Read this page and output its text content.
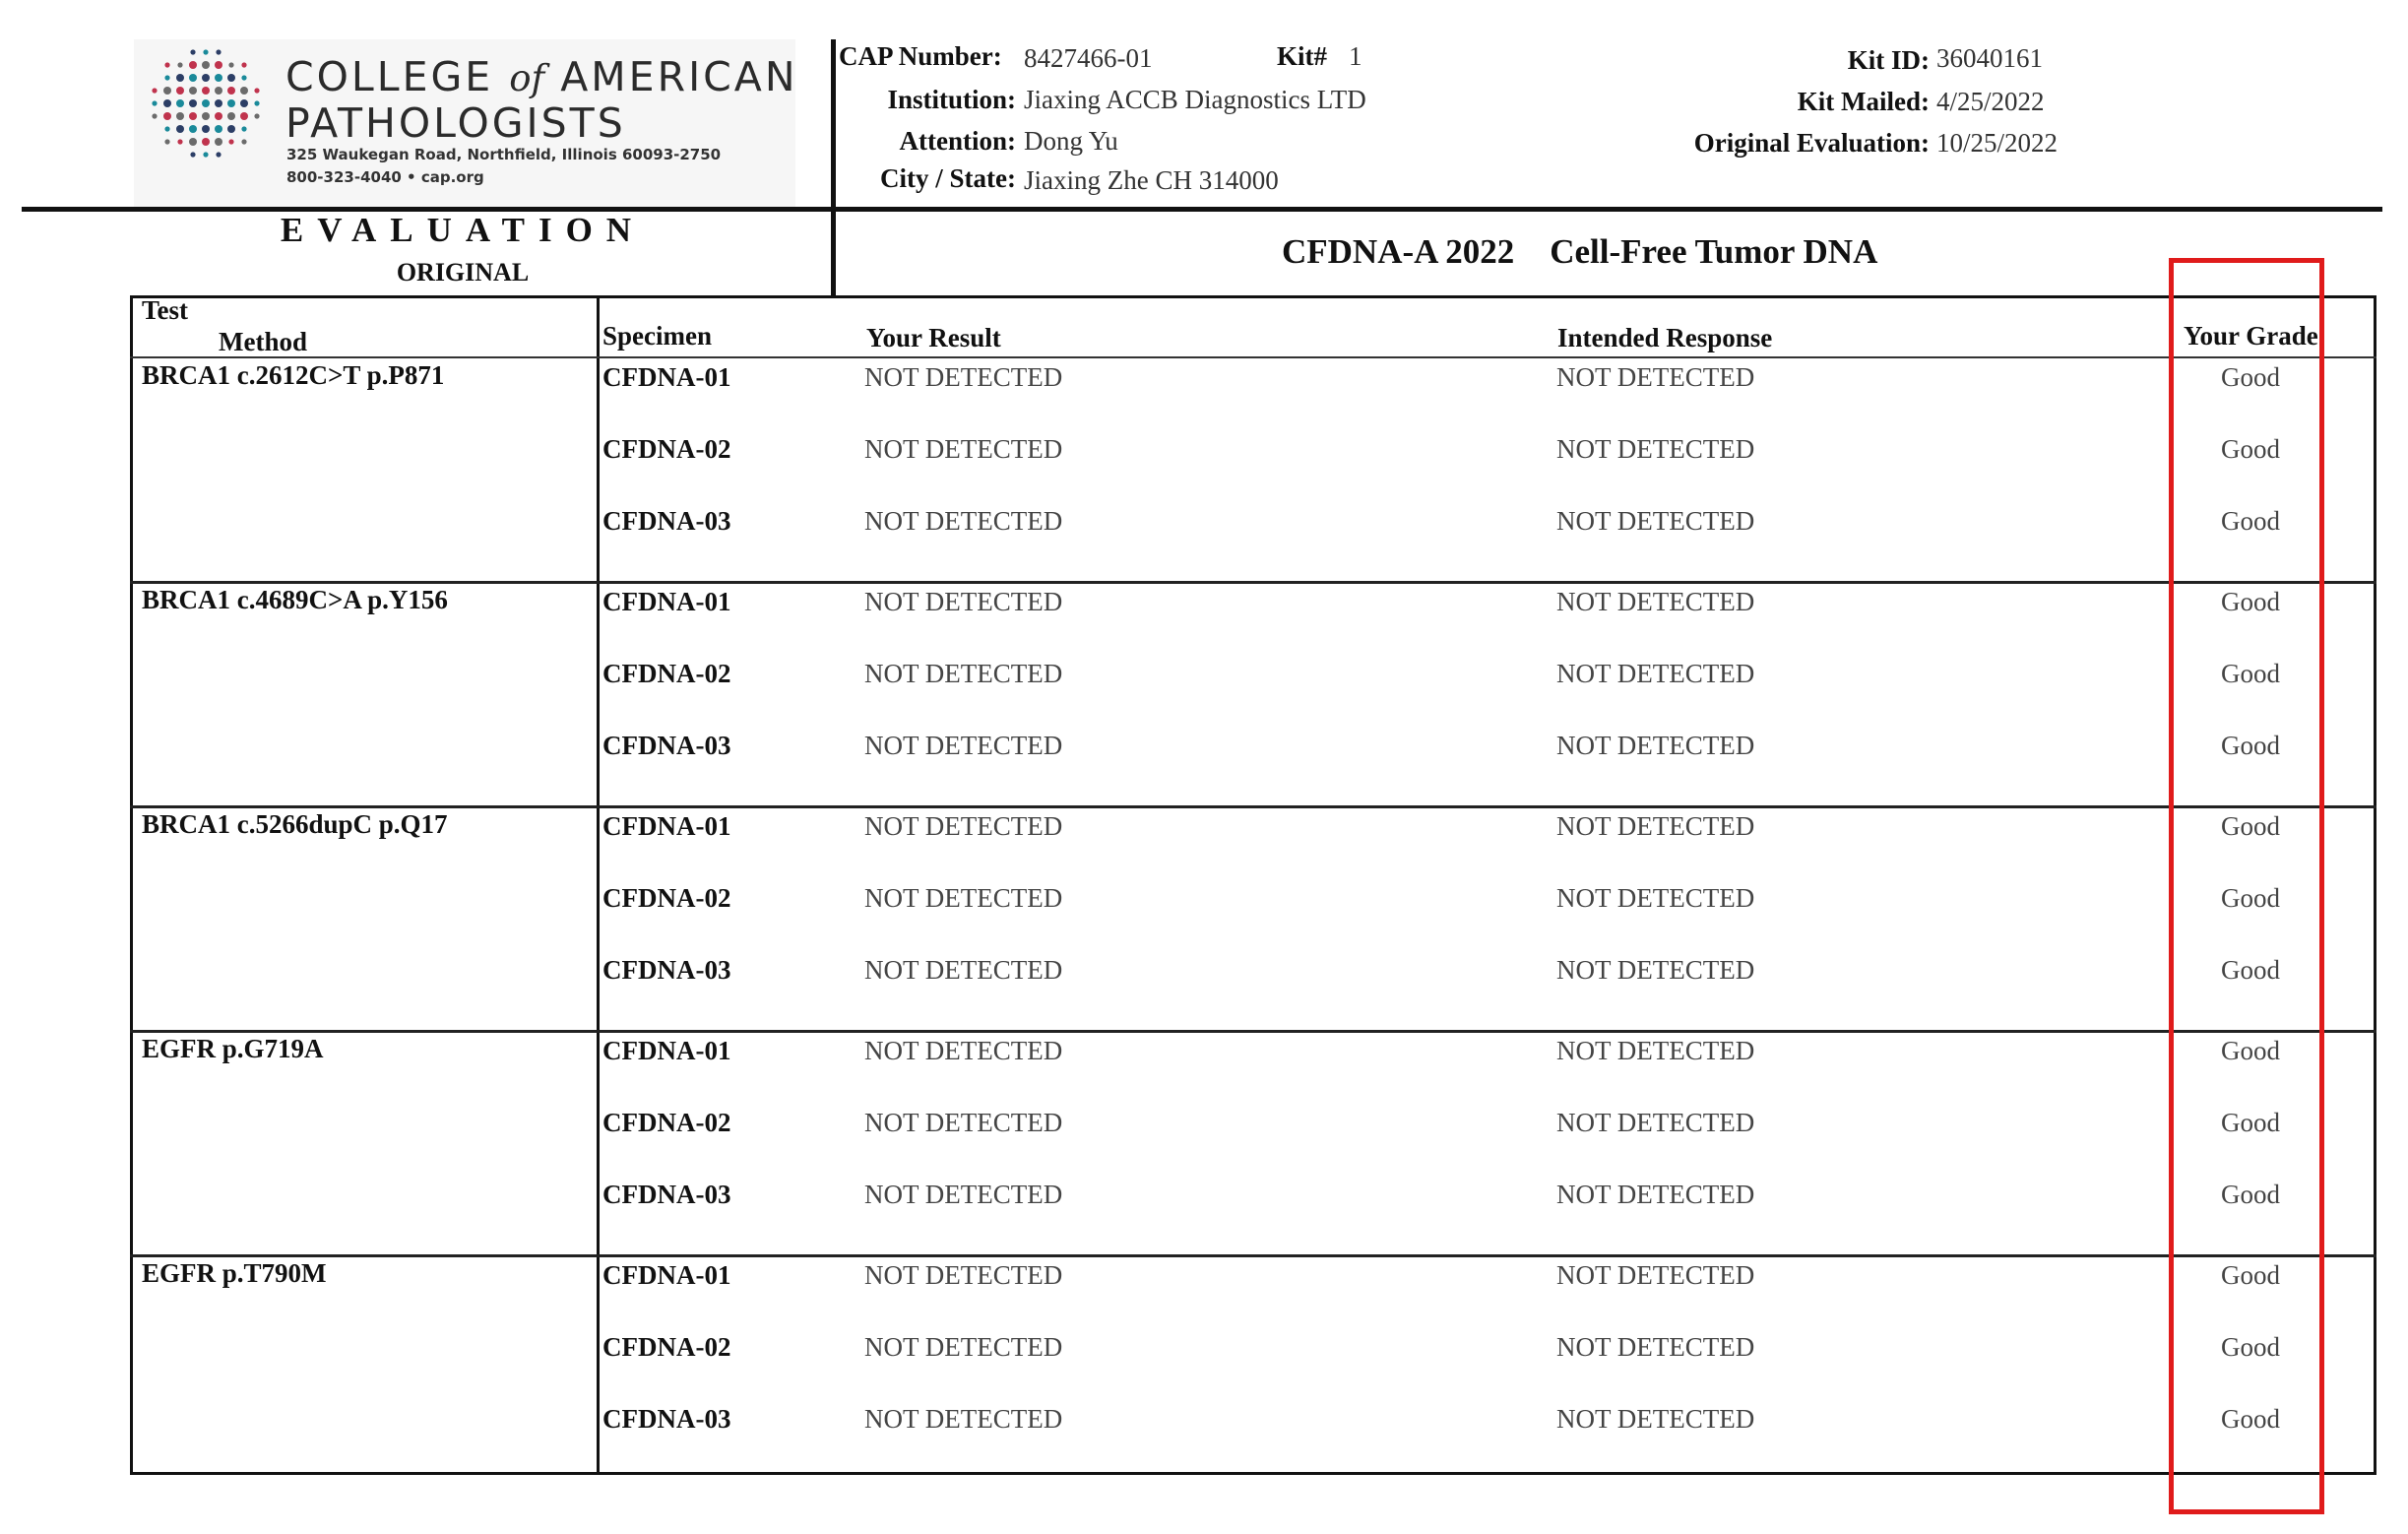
COLLEGE of AMERICAN
PATHOLOGISTS
325 Waukegan Road, Northfield, Illinois 60093-2750
800-323-4040 • cap.org
CAP Number: 8427466-01	Kit# 1
Institution: Jiaxing ACCB Diagnostics LTD
Attention: Dong Yu
City / State: Jiaxing Zhe CH 314000
Kit ID: 36040161
Kit Mailed: 4/25/2022
Original Evaluation: 10/25/2022
EVALUATION
ORIGINAL
CFDNA-A 2022 Cell-Free Tumor DNA
Test
Method	Specimen	Your Result	Intended Response	Your Grade
BRCA1 c.2612C>T p.P871	CFDNA-01	NOT DETECTED	NOT DETECTED	Good
CFDNA-02	NOT DETECTED	NOT DETECTED	Good
CFDNA-03	NOT DETECTED	NOT DETECTED	Good
BRCA1 c.4689C>A p.Y156	CFDNA-01	NOT DETECTED	NOT DETECTED	Good
CFDNA-02	NOT DETECTED	NOT DETECTED	Good
CFDNA-03	NOT DETECTED	NOT DETECTED	Good
BRCA1 c.5266dupC p.Q17	CFDNA-01	NOT DETECTED	NOT DETECTED	Good
CFDNA-02	NOT DETECTED	NOT DETECTED	Good
CFDNA-03	NOT DETECTED	NOT DETECTED	Good
EGFR p.G719A	CFDNA-01	NOT DETECTED	NOT DETECTED	Good
CFDNA-02	NOT DETECTED	NOT DETECTED	Good
CFDNA-03	NOT DETECTED	NOT DETECTED	Good
EGFR p.T790M	CFDNA-01	NOT DETECTED	NOT DETECTED	Good
CFDNA-02	NOT DETECTED	NOT DETECTED	Good
CFDNA-03	NOT DETECTED	NOT DETECTED	Good
